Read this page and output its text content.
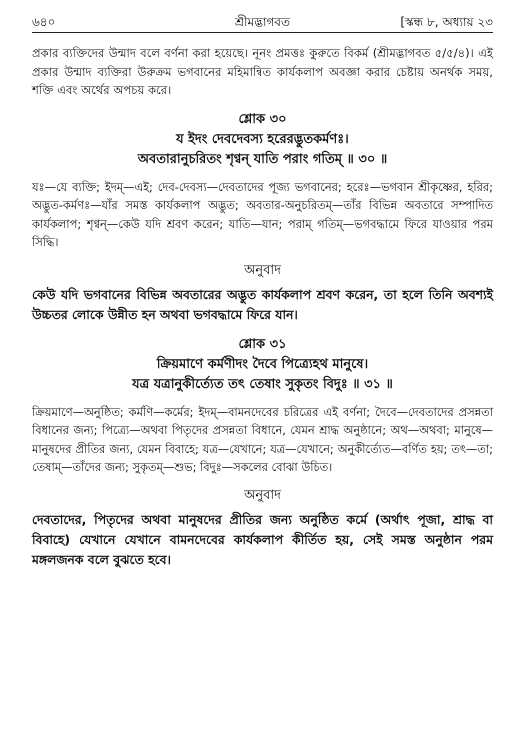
৬৪০	শ্রীমদ্ভাগবত	[স্কন্ধ ৮, অধ্যায় ২৩

প্রকার ব্যক্তিদের উন্মাদ বলে বর্ণনা করা হয়েছে। নূনং প্রমত্তঃ কুরুতে বিকর্ম (শ্রীমদ্ভাগবত ৫/৫/৪)। এই প্রকার উন্মাদ ব্যক্তিরা উরুক্রম ভগবানের মহিমান্বিত কার্যকলাপ অবজ্ঞা করার চেষ্টায় অনর্থক সময়, শক্তি এবং অর্থের অপচয় করে।

শ্লোক ৩০

য ইদং দেবদেবস্য হরেরদ্ভুতকর্মণঃ।
অবতারানুচরিতং শৃণ্বন্ যাতি পরাং গতিম্ ॥ ৩০ ॥

যঃ—যে ব্যক্তি; ইদম্—এই; দেব-দেবস্য—দেবতাদের পূজ্য ভগবানের; হরেঃ—ভগবান শ্রীকৃষ্ণের, হরির; অদ্ভুত-কর্মণঃ—যাঁর সমস্ত কার্যকলাপ অদ্ভুত; অবতার-অনুচরিতম্—তাঁর বিভিন্ন অবতারে সম্পাদিত কার্যকলাপ; শৃণ্বন্—কেউ যদি শ্রবণ করেন; যাতি—যান; পরাম্ গতিম্—ভগবদ্ধামে ফিরে যাওয়ার পরম সিদ্ধি।

অনুবাদ

কেউ যদি ভগবানের বিভিন্ন অবতারের অদ্ভুত কার্যকলাপ শ্রবণ করেন, তা হলে তিনি অবশ্যই উচ্চতর লোকে উন্নীত হন অথবা ভগবদ্ধামে ফিরে যান।

শ্লোক ৩১

ক্রিয়মাণে কর্মণীদং দৈবে পিত্র্যেহথ মানুষে।
যত্র যত্রানুকীর্ত্যেত তৎ তেষাং সুকৃতং বিদুঃ ॥ ৩১ ॥

ক্রিয়মাণে—অনুষ্ঠিত; কর্মণি—কর্মের; ইদম্—বামনদেবের চরিত্রের এই বর্ণনা; দৈবে—দেবতাদের প্রসন্নতা বিধানের জন্য; পিত্র্যে—অথবা পিতৃদের প্রসন্নতা বিধানে, যেমন শ্রাদ্ধ অনুষ্ঠানে; অথ—অথবা; মানুষে—মানুষদের প্রীতির জন্য, যেমন বিবাহে; যত্র—যেখানে; যত্র—যেখানে; অনুকীর্ত্যেত—বর্ণিত হয়; তৎ—তা; তেষাম্—তাঁদের জন্য; সুকৃতম্—শুভ; বিদুঃ—সকলের বোঝা উচিত।

অনুবাদ

দেবতাদের, পিতৃদের অথবা মানুষদের প্রীতির জন্য অনুষ্ঠিত কর্মে (অর্থাৎ পূজা, শ্রাদ্ধ বা বিবাহে) যেখানে যেখানে বামনদেবের কার্যকলাপ কীর্তিত হয়, সেই সমস্ত অনুষ্ঠান পরম মঙ্গলজনক বলে বুঝতে হবে।
